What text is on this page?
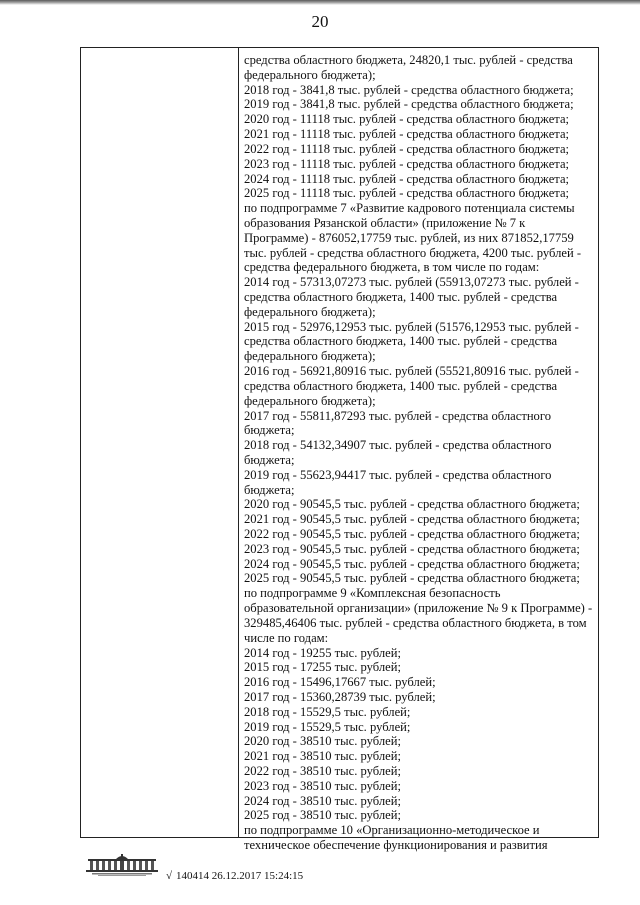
20

средства областного бюджета, 24820,1 тыс. рублей - средства

федерального бюджета);

2018 год - 3841,8 тыс. рублей - средства областного бюджета;

2019 год - 3841,8 тыс. рублей - средства областного бюджета;

2020 год - 11118 тыс. рублей - средства областного бюджета;

2021 год - 11118 тыс. рублей - средства областного бюджета;

2022 год - 11118 тыс. рублей - средства областного бюджета;

2023 год - 11118 тыс. рублей - средства областного бюджета;

2024 год - 11118 тыс. рублей - средства областного бюджета;

2025 год - 11118 тыс. рублей - средства областного бюджета;

по подпрограмме 7 «Развитие кадрового потенциала системы

образования Рязанской области» (приложение № 7 к

Программе) - 876052,17759 тыс. рублей, из них 871852,17759

тыс. рублей - средства областного бюджета, 4200 тыс. рублей -

средства федерального бюджета, в том числе по годам:

2014 год - 57313,07273 тыс. рублей (55913,07273 тыс. рублей -

средства областного бюджета, 1400 тыс. рублей - средства

федерального бюджета);

2015 год - 52976,12953 тыс. рублей (51576,12953 тыс. рублей -

средства областного бюджета, 1400 тыс. рублей - средства

федерального бюджета);

2016 год - 56921,80916 тыс. рублей (55521,80916 тыс. рублей -

средства областного бюджета, 1400 тыс. рублей - средства

федерального бюджета);

2017 год - 55811,87293 тыс. рублей - средства областного

бюджета;

2018 год - 54132,34907 тыс. рублей - средства областного

бюджета;

2019 год - 55623,94417 тыс. рублей - средства областного

бюджета;

2020 год - 90545,5 тыс. рублей - средства областного бюджета;

2021 год - 90545,5 тыс. рублей - средства областного бюджета;

2022 год - 90545,5 тыс. рублей - средства областного бюджета;

2023 год - 90545,5 тыс. рублей - средства областного бюджета;

2024 год - 90545,5 тыс. рублей - средства областного бюджета;

2025 год - 90545,5 тыс. рублей - средства областного бюджета;

по подпрограмме 9 «Комплексная безопасность

образовательной организации» (приложение № 9 к Программе) -

329485,46406 тыс. рублей - средства областного бюджета, в том

числе по годам:

2014 год - 19255 тыс. рублей;

2015 год - 17255 тыс. рублей;

2016 год - 15496,17667 тыс. рублей;

2017 год - 15360,28739 тыс. рублей;

2018 год - 15529,5 тыс. рублей;

2019 год - 15529,5 тыс. рублей;

2020 год - 38510 тыс. рублей;

2021 год - 38510 тыс. рублей;

2022 год - 38510 тыс. рублей;

2023 год - 38510 тыс. рублей;

2024 год - 38510 тыс. рублей;

2025 год - 38510 тыс. рублей;

по подпрограмме 10 «Организационно-методическое и

техническое обеспечение функционирования и развития

√ 140414 26.12.2017 15:24:15
